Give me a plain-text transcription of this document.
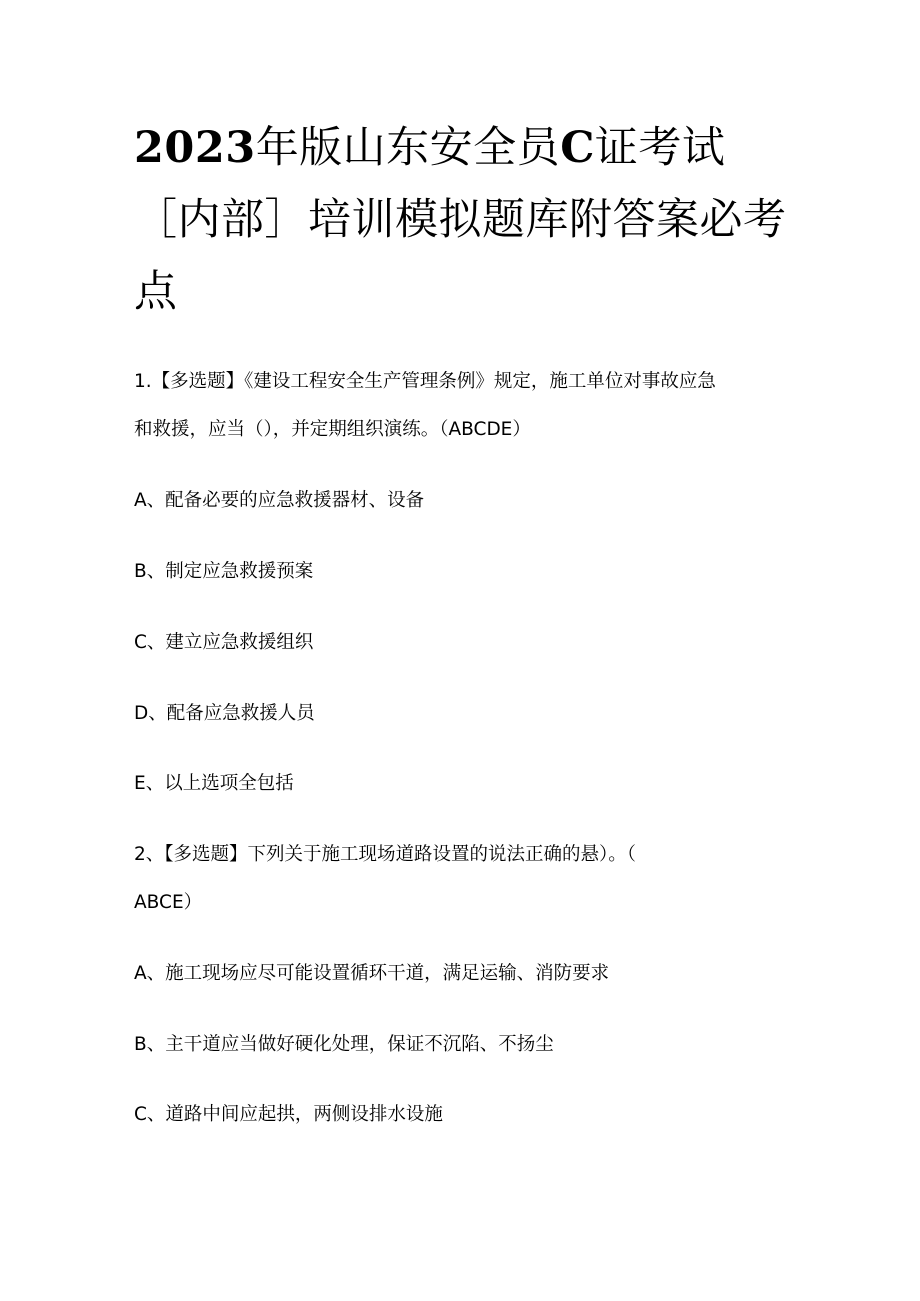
2023年版山东安全员C证考试
［内部］培训模拟题库附答案必考
点
1.【多选题】《建设工程安全生产管理条例》规定，施工单位对事故应急
和救援，应当（），并定期组织演练。（ABCDE）
A、配备必要的应急救援器材、设备
B、制定应急救援预案
C、建立应急救援组织
D、配备应急救援人员
E、以上选项全包括
2、【多选题】下列关于施工现场道路设置的说法正确的悬）。（
ABCE）
A、施工现场应尽可能设置循环干道，满足运输、消防要求
B、主干道应当做好硬化处理，保证不沉陷、不扬尘
C、道路中间应起拱，两侧设排水设施
